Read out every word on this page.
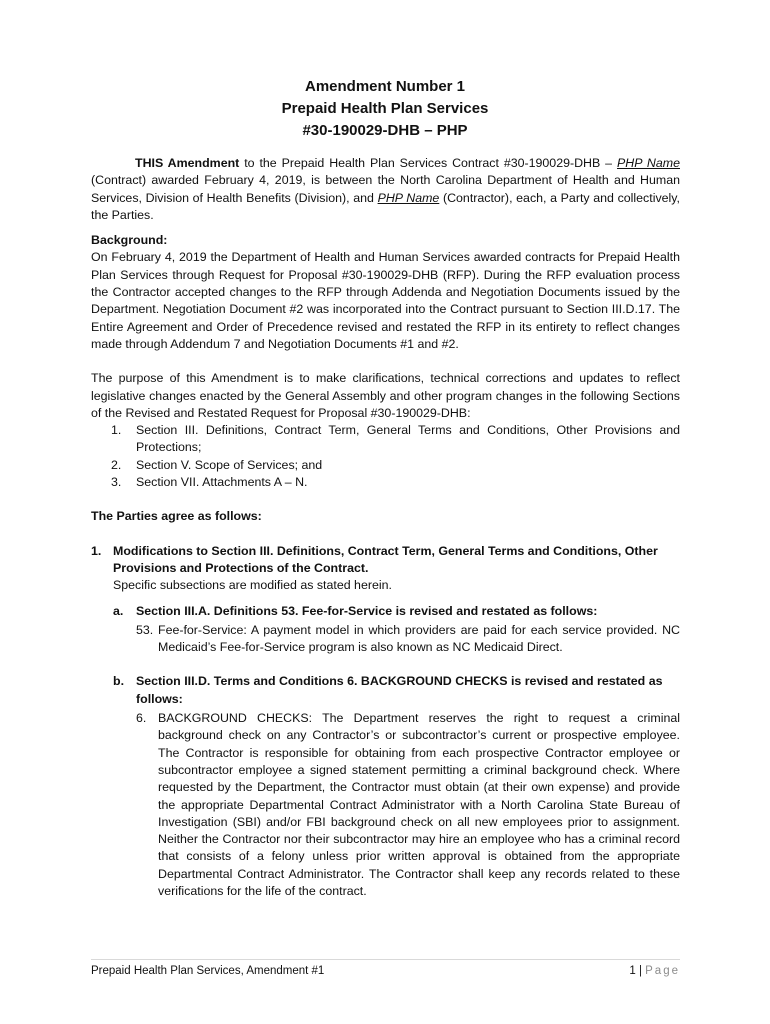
Amendment Number 1
Prepaid Health Plan Services
#30-190029-DHB – PHP

THIS Amendment to the Prepaid Health Plan Services Contract #30-190029-DHB – PHP Name (Contract) awarded February 4, 2019, is between the North Carolina Department of Health and Human Services, Division of Health Benefits (Division), and PHP Name (Contractor), each, a Party and collectively, the Parties.

Background:

On February 4, 2019 the Department of Health and Human Services awarded contracts for Prepaid Health Plan Services through Request for Proposal #30-190029-DHB (RFP). During the RFP evaluation process the Contractor accepted changes to the RFP through Addenda and Negotiation Documents issued by the Department. Negotiation Document #2 was incorporated into the Contract pursuant to Section III.D.17. The Entire Agreement and Order of Precedence revised and restated the RFP in its entirety to reflect changes made through Addendum 7 and Negotiation Documents #1 and #2.

The purpose of this Amendment is to make clarifications, technical corrections and updates to reflect legislative changes enacted by the General Assembly and other program changes in the following Sections of the Revised and Restated Request for Proposal #30-190029-DHB:

1. Section III. Definitions, Contract Term, General Terms and Conditions, Other Provisions and Protections;
2. Section V. Scope of Services; and
3. Section VII. Attachments A – N.

The Parties agree as follows:

1. Modifications to Section III. Definitions, Contract Term, General Terms and Conditions, Other Provisions and Protections of the Contract.

Specific subsections are modified as stated herein.

a. Section III.A. Definitions 53. Fee-for-Service is revised and restated as follows:

53. Fee-for-Service: A payment model in which providers are paid for each service provided. NC Medicaid’s Fee-for-Service program is also known as NC Medicaid Direct.

b. Section III.D. Terms and Conditions 6. BACKGROUND CHECKS is revised and restated as follows:

6. BACKGROUND CHECKS: The Department reserves the right to request a criminal background check on any Contractor’s or subcontractor’s current or prospective employee. The Contractor is responsible for obtaining from each prospective Contractor employee or subcontractor employee a signed statement permitting a criminal background check. Where requested by the Department, the Contractor must obtain (at their own expense) and provide the appropriate Departmental Contract Administrator with a North Carolina State Bureau of Investigation (SBI) and/or FBI background check on all new employees prior to assignment. Neither the Contractor nor their subcontractor may hire an employee who has a criminal record that consists of a felony unless prior written approval is obtained from the appropriate Departmental Contract Administrator. The Contractor shall keep any records related to these verifications for the life of the contract.

Prepaid Health Plan Services, Amendment #1	1 | Page
